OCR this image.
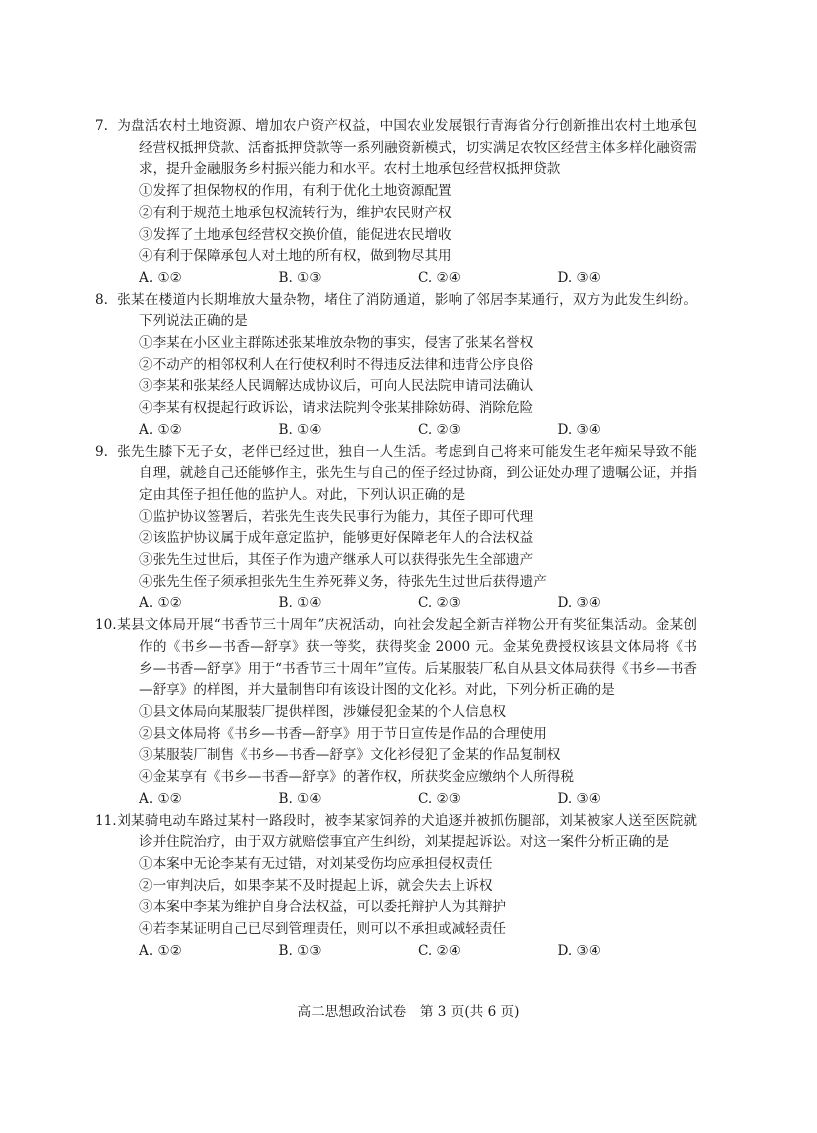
7. 为盘活农村土地资源、增加农户资产权益，中国农业发展银行青海省分行创新推出农村土地承包经营权抵押贷款、活畜抵押贷款等一系列融资新模式，切实满足农牧区经营主体多样化融资需求，提升金融服务乡村振兴能力和水平。农村土地承包经营权抵押贷款
①发挥了担保物权的作用，有利于优化土地资源配置
②有利于规范土地承包权流转行为，维护农民财产权
③发挥了土地承包经营权交换价值，能促进农民增收
④有利于保障承包人对土地的所有权，做到物尽其用
A. ①②	B. ①③	C. ②④	D. ③④
8. 张某在楼道内长期堆放大量杂物，堵住了消防通道，影响了邻居李某通行，双方为此发生纠纷。下列说法正确的是
①李某在小区业主群陈述张某堆放杂物的事实，侵害了张某名誉权
②不动产的相邻权利人在行使权利时不得违反法律和违背公序良俗
③李某和张某经人民调解达成协议后，可向人民法院申请司法确认
④李某有权提起行政诉讼，请求法院判令张某排除妨碍、消除危险
A. ①②	B. ①④	C. ②③	D. ③④
9. 张先生膝下无子女，老伴已经过世，独自一人生活。考虑到自己将来可能发生老年痴呆导致不能自理，就趁自己还能够作主，张先生与自己的侄子经过协商，到公证处办理了遗嘱公证，并指定由其侄子担任他的监护人。对此，下列认识正确的是
①监护协议签署后，若张先生丧失民事行为能力，其侄子即可代理
②该监护协议属于成年意定监护，能够更好保障老年人的合法权益
③张先生过世后，其侄子作为遗产继承人可以获得张先生全部遗产
④张先生侄子须承担张先生生养死葬义务，待张先生过世后获得遗产
A. ①②	B. ①④	C. ②③	D. ③④
10.某县文体局开展“书香节三十周年”庆祝活动，向社会发起全新吉祥物公开有奖征集活动。金某创作的《书乡—书香—舒享》获一等奖，获得奖金 2000 元。金某免费授权该县文体局将《书乡—书香—舒享》用于“书香节三十周年”宣传。后某服装厂私自从县文体局获得《书乡—书香—舒享》的样图，并大量制售印有该设计图的文化衫。对此，下列分析正确的是
①县文体局向某服装厂提供样图，涉嫌侵犯金某的个人信息权
②县文体局将《书乡—书香—舒享》用于节日宣传是作品的合理使用
③某服装厂制售《书乡—书香—舒享》文化衫侵犯了金某的作品复制权
④金某享有《书乡—书香—舒享》的著作权，所获奖金应缴纳个人所得税
A. ①②	B. ①④	C. ②③	D. ③④
11.刘某骑电动车路过某村一路段时，被李某家饲养的犬追逐并被抓伤腿部，刘某被家人送至医院就诊并住院治疗，由于双方就赔偿事宜产生纠纷，刘某提起诉讼。对这一案件分析正确的是
①本案中无论李某有无过错，对刘某受伤均应承担侵权责任
②一审判决后，如果李某不及时提起上诉，就会失去上诉权
③本案中李某为维护自身合法权益，可以委托辩护人为其辩护
④若李某证明自己已尽到管理责任，则可以不承担或减轻责任
A. ①②	B. ①③	C. ②④	D. ③④
高二思想政治试卷　第 3 页(共 6 页)
